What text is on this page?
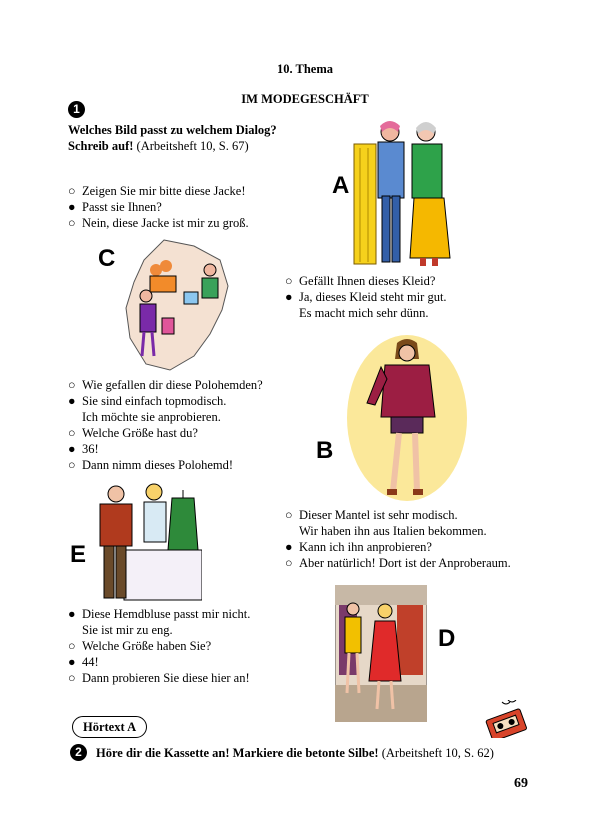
10. Thema
IM MODEGESCHÄFT
1
Welches Bild passt zu welchem Dialog?
Schreib auf! (Arbeitsheft 10, S. 67)
○ Zeigen Sie mir bitte diese Jacke!
● Passt sie Ihnen?
○ Nein, diese Jacke ist mir zu groß.
○ Gefällt Ihnen dieses Kleid?
● Ja, dieses Kleid steht mir gut.
Es macht mich sehr dünn.
○ Wie gefallen dir diese Polohemden?
● Sie sind einfach topmodisch.
Ich möchte sie anprobieren.
○ Welche Größe hast du?
● 36!
○ Dann nimm dieses Polohemd!
○ Dieser Mantel ist sehr modisch.
Wir haben ihn aus Italien bekommen.
● Kann ich ihn anprobieren?
○ Aber natürlich! Dort ist der Anproberaum.
● Diese Hemdbluse passt mir nicht.
Sie ist mir zu eng.
○ Welche Größe haben Sie?
● 44!
○ Dann probieren Sie diese hier an!
A
C
B
E
D
Hörtext A
2	Höre dir die Kassette an! Markiere die betonte Silbe! (Arbeitsheft 10, S. 62)
69
